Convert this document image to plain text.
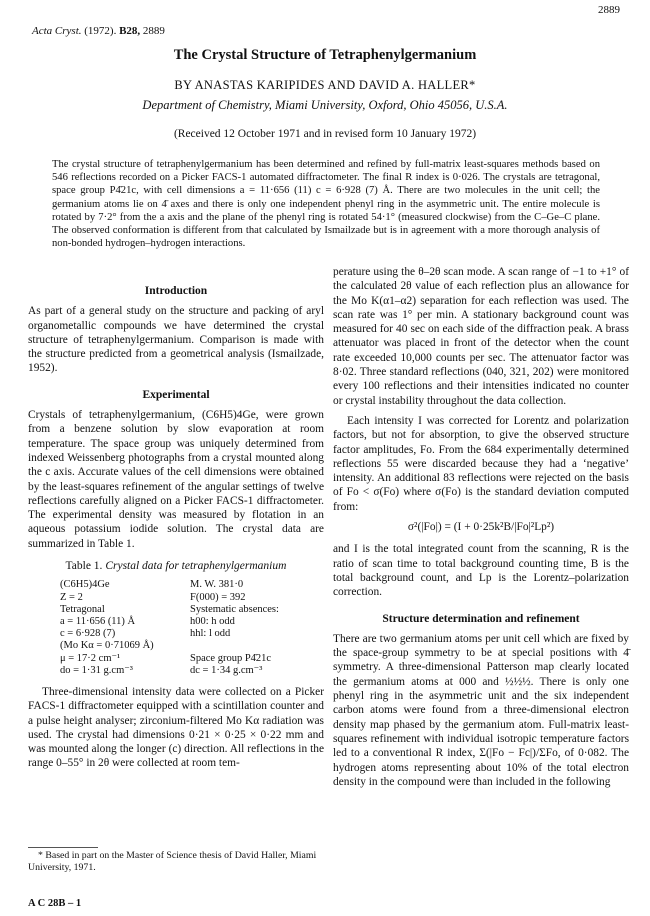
2889
Acta Cryst. (1972). B28, 2889
The Crystal Structure of Tetraphenylgermanium
BY ANASTAS KARIPIDES AND DAVID A. HALLER*
Department of Chemistry, Miami University, Oxford, Ohio 45056, U.S.A.
(Received 12 October 1971 and in revised form 10 January 1972)
The crystal structure of tetraphenylgermanium has been determined and refined by full-matrix least-squares methods based on 546 reflections recorded on a Picker FACS-1 automated diffractometer. The final R index is 0·026. The crystals are tetragonal, space group P4̄21c, with cell dimensions a = 11·656 (11) c = 6·928 (7) Å. There are two molecules in the unit cell; the germanium atoms lie on 4̄ axes and there is only one independent phenyl ring in the asymmetric unit. The entire molecule is rotated by 7·2° from the a axis and the plane of the phenyl ring is rotated 54·1° (measured clockwise) from the C–Ge–C plane. The observed conformation is different from that calculated by Ismailzade but is in agreement with a more thorough analysis of non-bonded hydrogen–hydrogen interactions.
Introduction

As part of a general study on the structure and packing of aryl organometallic compounds we have determined the crystal structure of tetraphenylgermanium. Comparison is made with the structure predicted from a geometrical analysis (Ismailzade, 1952).

Experimental

Crystals of tetraphenylgermanium, (C6H5)4Ge, were grown from a benzene solution by slow evaporation at room temperature. The space group was uniquely determined from indexed Weissenberg photographs from a crystal mounted along the c axis. Accurate values of the cell dimensions were obtained by the least-squares refinement of the angular settings of twelve reflections carefully aligned on a Picker FACS-1 diffractometer. The experimental density was measured by flotation in an aqueous potassium iodide solution. The crystal data are summarized in Table 1.

Table 1. Crystal data for tetraphenylgermanium
(C6H5)4Ge	M. W. 381·0
Z = 2	F(000) = 392
Tetragonal	Systematic absences:
a = 11·656 (11) Å	h00: h odd
c = 6·928 (7)	hhl: l odd
(Mo Kα = 0·71069 Å)
μ = 17·2 cm⁻¹	Space group P4̄21c
do = 1·31 g.cm⁻³	dc = 1·34 g.cm⁻³

Three-dimensional intensity data were collected on a Picker FACS-1 diffractometer equipped with a scintillation counter and a pulse height analyser; zirconium-filtered Mo Kα radiation was used. The crystal had dimensions 0·21 × 0·25 × 0·22 mm and was mounted along the longer (c) direction. All reflections in the range 0–55° in 2θ were collected at room tem-

perature using the θ–2θ scan mode. A scan range of −1 to +1° of the calculated 2θ value of each reflection plus an allowance for the Mo K(α1–α2) separation for each reflection was used. The scan rate was 1° per min. A stationary background count was measured for 40 sec on each side of the diffraction peak. A brass attenuator was placed in front of the detector when the count rate exceeded 10,000 counts per sec. The attenuator factor was 8·02. Three standard reflections (040, 321, 202) were monitored every 100 reflections and their intensities indicated no counter or crystal instability throughout the data collection.

Each intensity I was corrected for Lorentz and polarization factors, but not for absorption, to give the observed structure factor amplitudes, Fo. From the 684 experimentally determined reflections 55 were discarded because they had a ‘negative’ intensity. An additional 83 reflections were rejected on the basis of Fo < σ(Fo) where σ(Fo) is the standard deviation computed from:

σ²(|Fo|) = (I + 0·25k²B/|Fo|²Lp²)

and I is the total integrated count from the scanning, R is the ratio of scan time to total background counting time, B is the total background count, and Lp is the Lorentz–polarization correction.

Structure determination and refinement

There are two germanium atoms per unit cell which are fixed by the space-group symmetry to be at special positions with 4̄ symmetry. A three-dimensional Patterson map clearly located the germanium atoms at 000 and ½½½. There is only one phenyl ring in the asymmetric unit and the six independent carbon atoms were found from a three-dimensional electron density map phased by the germanium atom. Full-matrix least-squares refinement with individual isotropic temperature factors led to a conventional R index, Σ(|Fo − Fc|)/ΣFo, of 0·082. The hydrogen atoms representing about 10% of the total electron density in the compound were than included in the following

* Based in part on the Master of Science thesis of David Haller, Miami University, 1971.
A C 28B – 1
